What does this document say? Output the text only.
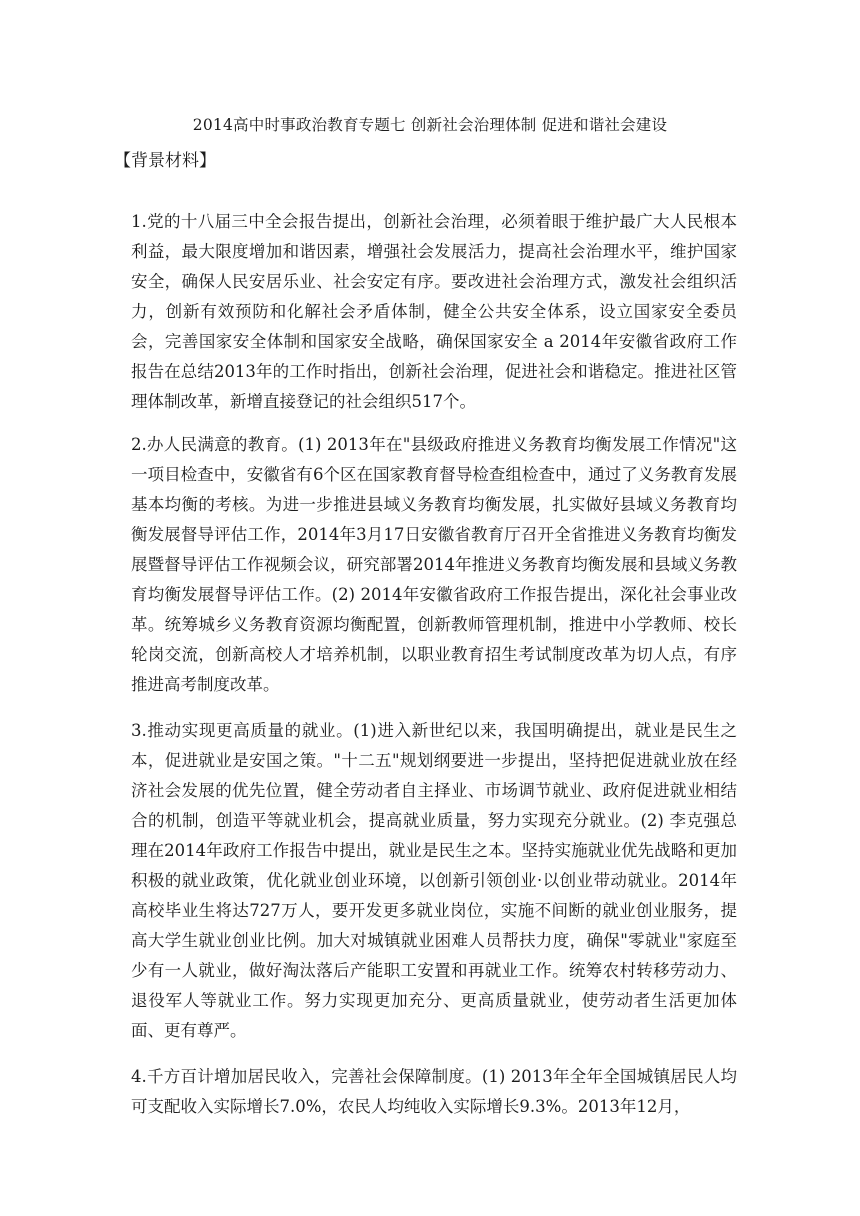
2014高中时事政治教育专题七 创新社会治理体制 促进和谐社会建设
【背景材料】

1.党的十八届三中全会报告提出，创新社会治理，必须着眼于维护最广大人民根本利益，最大限度增加和谐因素，增强社会发展活力，提高社会治理水平，维护国家安全，确保人民安居乐业、社会安定有序。要改进社会治理方式，激发社会组织活力，创新有效预防和化解社会矛盾体制，健全公共安全体系，设立国家安全委员会，完善国家安全体制和国家安全战略，确保国家安全 a 2014年安徽省政府工作报告在总结2013年的工作时指出，创新社会治理，促进社会和谐稳定。推进社区管理体制改革，新增直接登记的社会组织517个。

2.办人民满意的教育。(1) 2013年在"县级政府推进义务教育均衡发展工作情况"这一项目检查中，安徽省有6个区在国家教育督导检查组检查中，通过了义务教育发展基本均衡的考核。为进一步推进县域义务教育均衡发展，扎实做好县域义务教育均衡发展督导评估工作，2014年3月17日安徽省教育厅召开全省推进义务教育均衡发展暨督导评估工作视频会议，研究部署2014年推进义务教育均衡发展和县域义务教育均衡发展督导评估工作。(2) 2014年安徽省政府工作报告提出，深化社会事业改革。统筹城乡义务教育资源均衡配置，创新教师管理机制，推进中小学教师、校长轮岗交流，创新高校人才培养机制，以职业教育招生考试制度改革为切人点，有序推进高考制度改革。

3.推动实现更高质量的就业。(1)进入新世纪以来，我国明确提出，就业是民生之本，促进就业是安国之策。"十二五"规划纲要进一步提出，坚持把促进就业放在经济社会发展的优先位置，健全劳动者自主择业、市场调节就业、政府促进就业相结合的机制，创造平等就业机会，提高就业质量，努力实现充分就业。(2) 李克强总理在2014年政府工作报告中提出，就业是民生之本。坚持实施就业优先战略和更加积极的就业政策，优化就业创业环境，以创新引领创业·以创业带动就业。2014年高校毕业生将达727万人，要开发更多就业岗位，实施不间断的就业创业服务，提高大学生就业创业比例。加大对城镇就业困难人员帮扶力度，确保"零就业"家庭至少有一人就业，做好淘汰落后产能职工安置和再就业工作。统筹农村转移劳动力、退役军人等就业工作。努力实现更加充分、更高质量就业，使劳动者生活更加体面、更有尊严。

4.千方百计增加居民收入，完善社会保障制度。(1) 2013年全年全国城镇居民人均可支配收入实际增长7.0%，农民人均纯收入实际增长9.3%。2013年12月，
